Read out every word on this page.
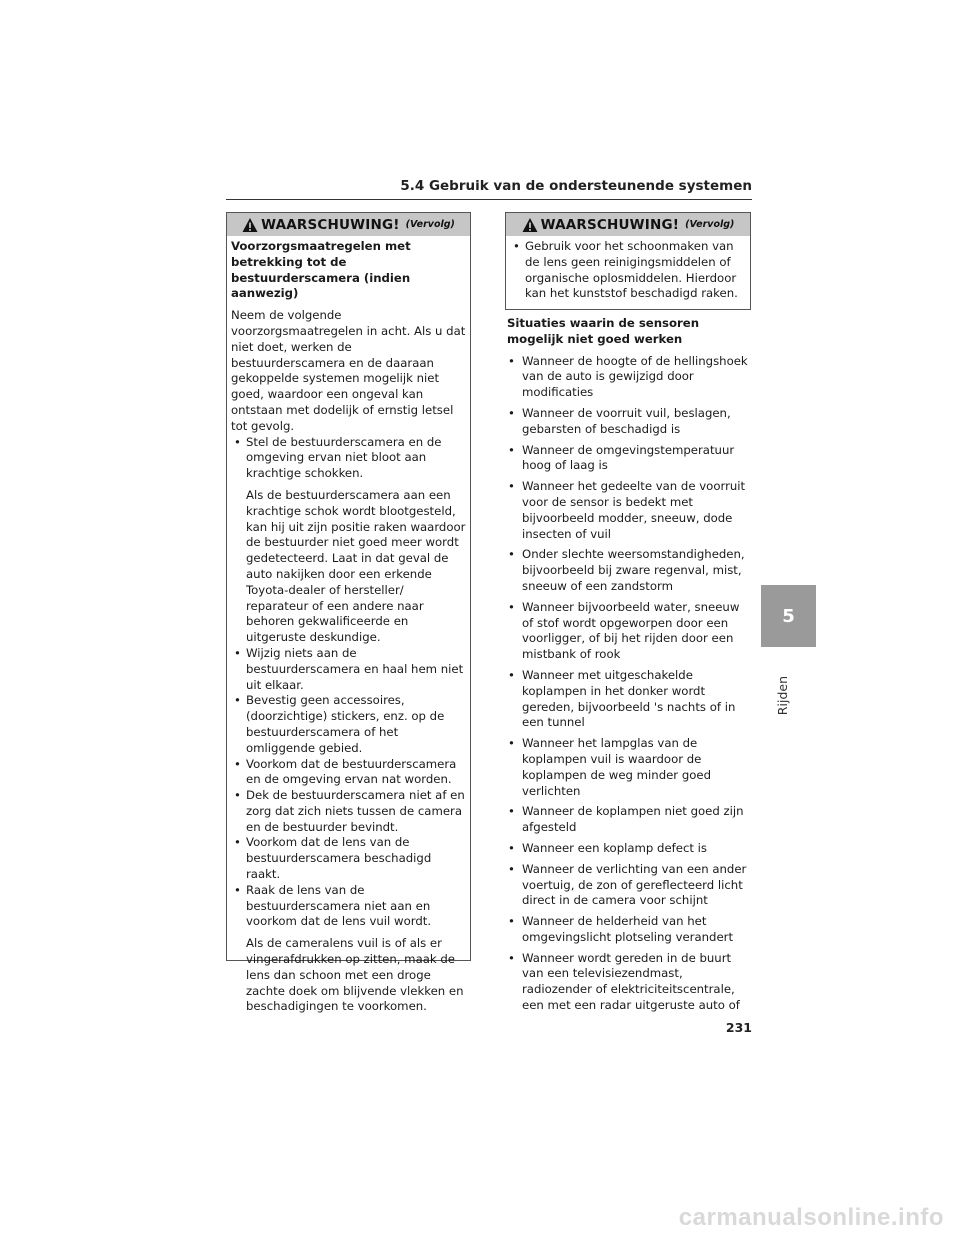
5.4 Gebruik van de ondersteunende systemen
WAARSCHUWING! (Vervolg)

Voorzorgsmaatregelen met betrekking tot de bestuurderscamera (indien aanwezig)

Neem de volgende voorzorgsmaatregelen in acht. Als u dat niet doet, werken de bestuurderscamera en de daaraan gekoppelde systemen mogelijk niet goed, waardoor een ongeval kan ontstaan met dodelijk of ernstig letsel tot gevolg.

• Stel de bestuurderscamera en de omgeving ervan niet bloot aan krachtige schokken.

Als de bestuurderscamera aan een krachtige schok wordt blootgesteld, kan hij uit zijn positie raken waardoor de bestuurder niet goed meer wordt gedetecteerd. Laat in dat geval de auto nakijken door een erkende Toyota-dealer of hersteller/ reparateur of een andere naar behoren gekwalificeerde en uitgeruste deskundige.

• Wijzig niets aan de bestuurderscamera en haal hem niet uit elkaar.
• Bevestig geen accessoires, (doorzichtige) stickers, enz. op de bestuurderscamera of het omliggende gebied.
• Voorkom dat de bestuurderscamera en de omgeving ervan nat worden.
• Dek de bestuurderscamera niet af en zorg dat zich niets tussen de camera en de bestuurder bevindt.
• Voorkom dat de lens van de bestuurderscamera beschadigd raakt.
• Raak de lens van de bestuurderscamera niet aan en voorkom dat de lens vuil wordt.

Als de cameralens vuil is of als er vingerafdrukken op zitten, maak de lens dan schoon met een droge zachte doek om blijvende vlekken en beschadigingen te voorkomen.

WAARSCHUWING! (Vervolg)
• Gebruik voor het schoonmaken van de lens geen reinigingsmiddelen of organische oplosmiddelen. Hierdoor kan het kunststof beschadigd raken.

Situaties waarin de sensoren mogelijk niet goed werken

• Wanneer de hoogte of de hellingshoek van de auto is gewijzigd door modificaties
• Wanneer de voorruit vuil, beslagen, gebarsten of beschadigd is
• Wanneer de omgevingstemperatuur hoog of laag is
• Wanneer het gedeelte van de voorruit voor de sensor is bedekt met bijvoorbeeld modder, sneeuw, dode insecten of vuil
• Onder slechte weersomstandigheden, bijvoorbeeld bij zware regenval, mist, sneeuw of een zandstorm
• Wanneer bijvoorbeeld water, sneeuw of stof wordt opgeworpen door een voorligger, of bij het rijden door een mistbank of rook
• Wanneer met uitgeschakelde koplampen in het donker wordt gereden, bijvoorbeeld 's nachts of in een tunnel
• Wanneer het lampglas van de koplampen vuil is waardoor de koplampen de weg minder goed verlichten
• Wanneer de koplampen niet goed zijn afgesteld
• Wanneer een koplamp defect is
• Wanneer de verlichting van een ander voertuig, de zon of gereflecteerd licht direct in de camera voor schijnt
• Wanneer de helderheid van het omgevingslicht plotseling verandert
• Wanneer wordt gereden in de buurt van een televisiezendmast, radiozender of elektriciteitscentrale, een met een radar uitgeruste auto of
5
Rijden
231
carmanualsonline.info
